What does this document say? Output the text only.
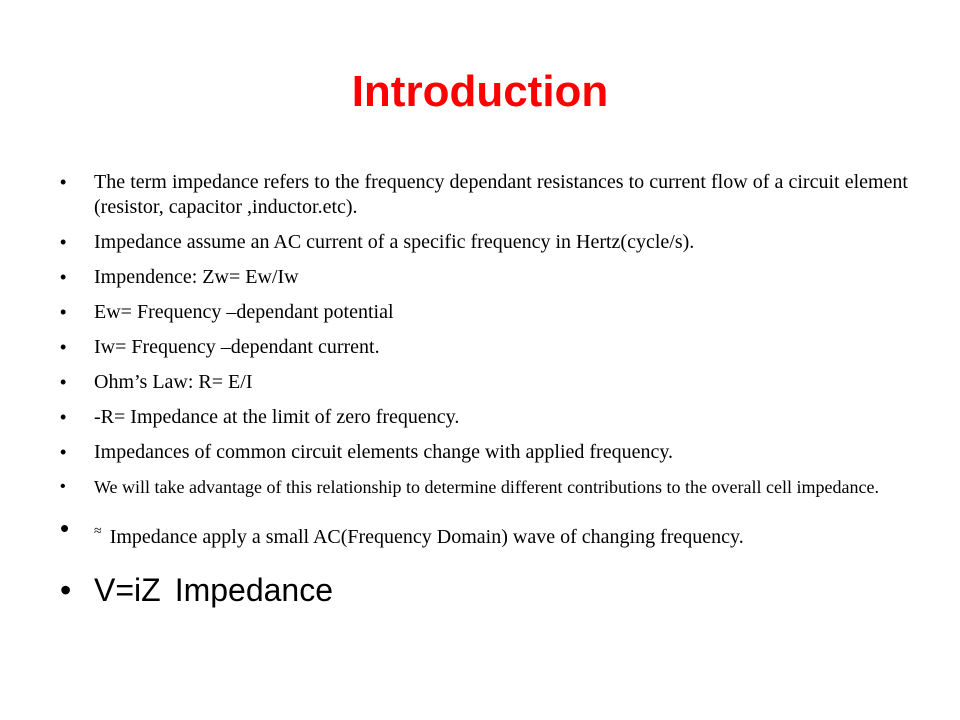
Introduction
• The term impedance refers to the frequency dependant resistances to current flow of a circuit element (resistor, capacitor ,inductor.etc).
• Impedance assume an AC current of a specific frequency in Hertz(cycle/s).
• Impendence: Zw= Ew/Iw
• Ew= Frequency –dependant potential
• Iw= Frequency –dependant current.
• Ohm’s Law: R= E/I
• -R= Impedance at the limit of zero frequency.
• Impedances of common circuit elements change with applied frequency.
• We will take advantage of this relationship to determine different contributions to the overall cell impedance.
• ≈ Impedance apply a small AC(Frequency Domain) wave of changing frequency.
• V=iZ Impedance
